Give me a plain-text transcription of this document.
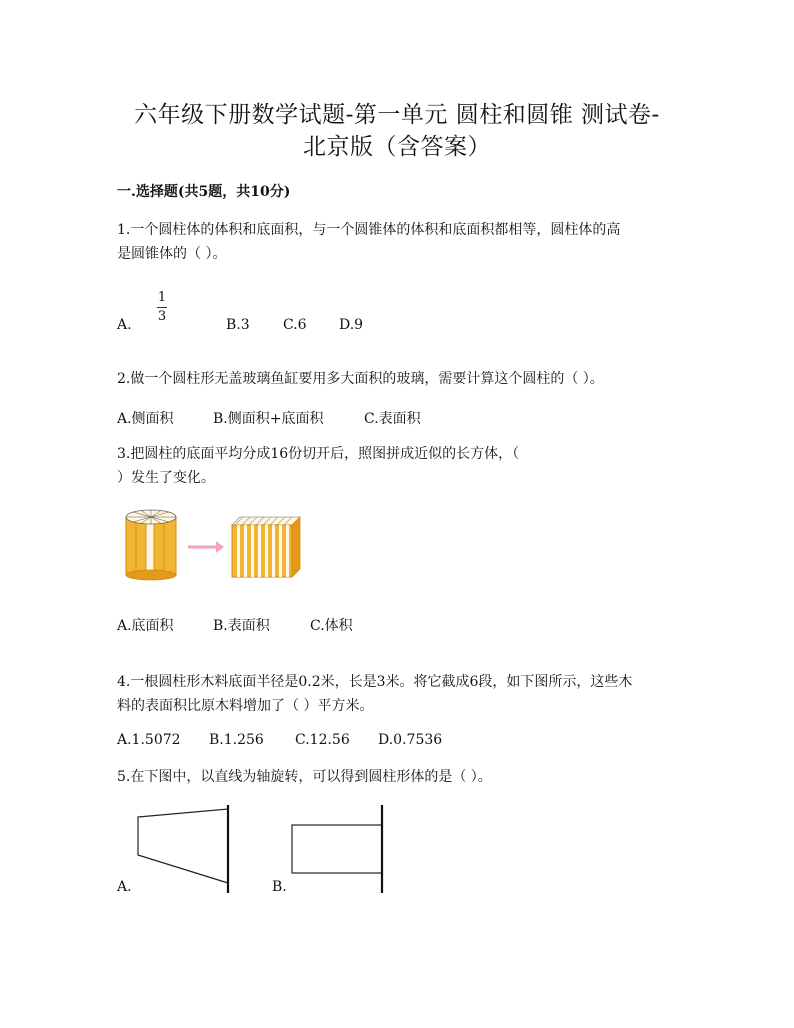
六年级下册数学试题-第一单元 圆柱和圆锥 测试卷-
北京版（含答案）
一.选择题(共5题，共10分)
1.一个圆柱体的体积和底面积，与一个圆锥体的体积和底面积都相等，圆柱体的高
是圆锥体的（ ）。
A.
1
3
B.3 C.6 D.9
2.做一个圆柱形无盖玻璃鱼缸要用多大面积的玻璃，需要计算这个圆柱的（ ）。
A.侧面积	B.侧面积+底面积	C.表面积
3.把圆柱的底面平均分成16份切开后，照图拼成近似的长方体，（
）发生了变化。
A.底面积	B.表面积	C.体积
4.一根圆柱形木料底面半径是0.2米，长是3米。将它截成6段，如下图所示，这些木
料的表面积比原木料增加了（ ）平方米。
A.1.5072 B.1.256 C.12.56 D.0.7536
5.在下图中，以直线为轴旋转，可以得到圆柱形体的是（ ）。
A.	B.
